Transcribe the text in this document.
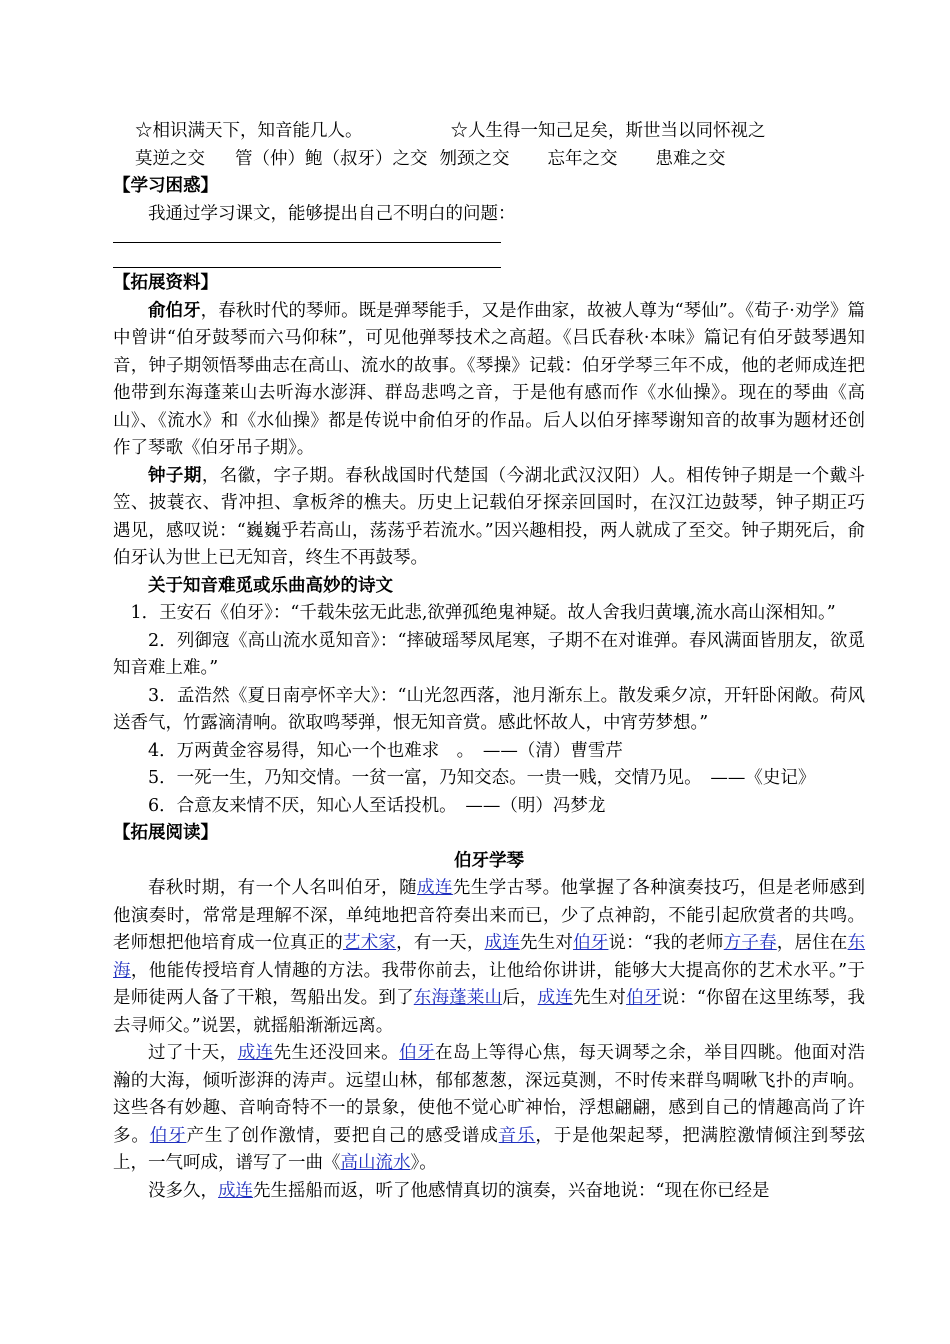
☆相识满天下，知音能几人。	☆人生得一知己足矣，斯世当以同怀视之

莫逆之交 管（仲）鲍（叔牙）之交 刎颈之交 忘年之交 患难之交

【学习困惑】

我通过学习课文，能够提出自己不明白的问题：

【拓展资料】

俞伯牙，春秋时代的琴师。既是弹琴能手，又是作曲家，故被人尊为“琴仙”。《荀子·劝学》篇中曾讲“伯牙鼓琴而六马仰秣”，可见他弹琴技术之高超。《吕氏春秋·本味》篇记有伯牙鼓琴遇知音，钟子期领悟琴曲志在高山、流水的故事。《琴操》记载：伯牙学琴三年不成，他的老师成连把他带到东海蓬莱山去听海水澎湃、群岛悲鸣之音，于是他有感而作《水仙操》。现在的琴曲《高山》、《流水》和《水仙操》都是传说中俞伯牙的作品。后人以伯牙摔琴谢知音的故事为题材还创作了琴歌《伯牙吊子期》。

钟子期，名徽，字子期。春秋战国时代楚国（今湖北武汉汉阳）人。相传钟子期是一个戴斗笠、披蓑衣、背冲担、拿板斧的樵夫。历史上记载伯牙探亲回国时，在汉江边鼓琴，钟子期正巧遇见，感叹说：“巍巍乎若高山，荡荡乎若流水。”因兴趣相投，两人就成了至交。钟子期死后，俞伯牙认为世上已无知音，终生不再鼓琴。

关于知音难觅或乐曲高妙的诗文

1．王安石《伯牙》：“千载朱弦无此悲,欲弹孤绝鬼神疑。故人舍我归黄壤,流水高山深相知。”

2．列御寇《高山流水觅知音》：“摔破瑶琴凤尾寒，子期不在对谁弹。春风满面皆朋友，欲觅知音难上难。”

3．孟浩然《夏日南亭怀辛大》：“山光忽西落，池月渐东上。散发乘夕凉，开轩卧闲敞。荷风送香气，竹露滴清响。欲取鸣琴弹，恨无知音赏。感此怀故人，中宵劳梦想。”

4．万两黄金容易得，知心一个也难求　。　——（清）曹雪芹

5．一死一生，乃知交情。一贫一富，乃知交态。一贵一贱，交情乃见。　——《史记》

6．合意友来情不厌，知心人至话投机。　——（明）冯梦龙

【拓展阅读】

伯牙学琴

春秋时期，有一个人名叫伯牙，随成连先生学古琴。他掌握了各种演奏技巧，但是老师感到他演奏时，常常是理解不深，单纯地把音符奏出来而已，少了点神韵，不能引起欣赏者的共鸣。老师想把他培育成一位真正的艺术家，有一天，成连先生对伯牙说：“我的老师方子春，居住在东海，他能传授培育人情趣的方法。我带你前去，让他给你讲讲，能够大大提高你的艺术水平。”于是师徒两人备了干粮，驾船出发。到了东海蓬莱山后，成连先生对伯牙说：“你留在这里练琴，我去寻师父。”说罢，就摇船渐渐远离。

过了十天，成连先生还没回来。伯牙在岛上等得心焦，每天调琴之余，举目四眺。他面对浩瀚的大海，倾听澎湃的涛声。远望山林，郁郁葱葱，深远莫测，不时传来群鸟啁啾飞扑的声响。这些各有妙趣、音响奇特不一的景象，使他不觉心旷神怡，浮想翩翩，感到自己的情趣高尚了许多。伯牙产生了创作激情，要把自己的感受谱成音乐，于是他架起琴，把满腔激情倾注到琴弦上，一气呵成，谱写了一曲《高山流水》。

没多久，成连先生摇船而返，听了他感情真切的演奏，兴奋地说：“现在你已经是
